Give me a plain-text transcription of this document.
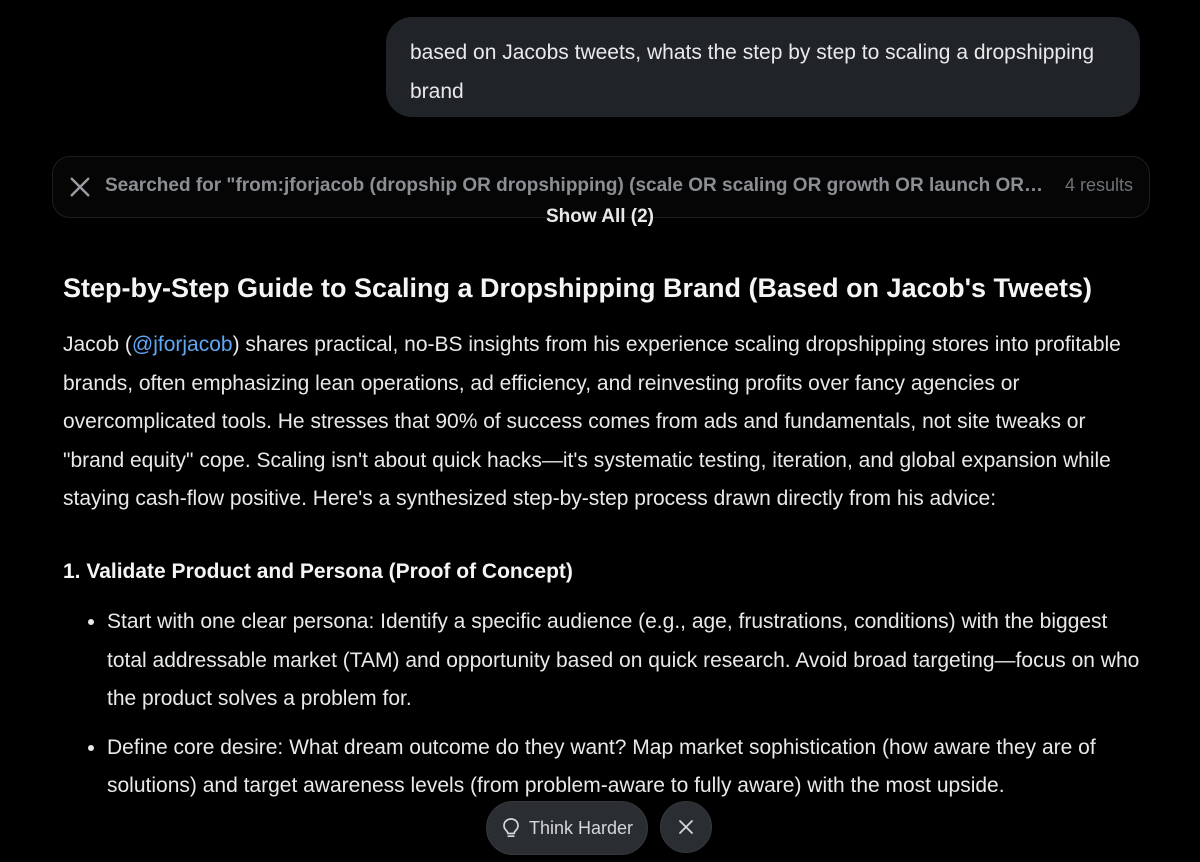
based on Jacobs tweets, whats the step by step to scaling a dropshipping brand
Searched for "from:jforjacob (dropship OR dropshipping) (scale OR scaling OR growth OR launch OR ...	4 results
Show All (2)
Step-by-Step Guide to Scaling a Dropshipping Brand (Based on Jacob's Tweets)

Jacob (@jforjacob) shares practical, no-BS insights from his experience scaling dropshipping stores into profitable brands, often emphasizing lean operations, ad efficiency, and reinvesting profits over fancy agencies or overcomplicated tools. He stresses that 90% of success comes from ads and fundamentals, not site tweaks or "brand equity" cope. Scaling isn't about quick hacks—it's systematic testing, iteration, and global expansion while staying cash-flow positive. Here's a synthesized step-by-step process drawn directly from his advice:

1. Validate Product and Persona (Proof of Concept)
• Start with one clear persona: Identify a specific audience (e.g., age, frustrations, conditions) with the biggest total addressable market (TAM) and opportunity based on quick research. Avoid broad targeting—focus on who the product solves a problem for.
• Define core desire: What dream outcome do they want? Map market sophistication (how aware they are of solutions) and target awareness levels (from problem-aware to fully aware) with the most upside.
Think Harder
